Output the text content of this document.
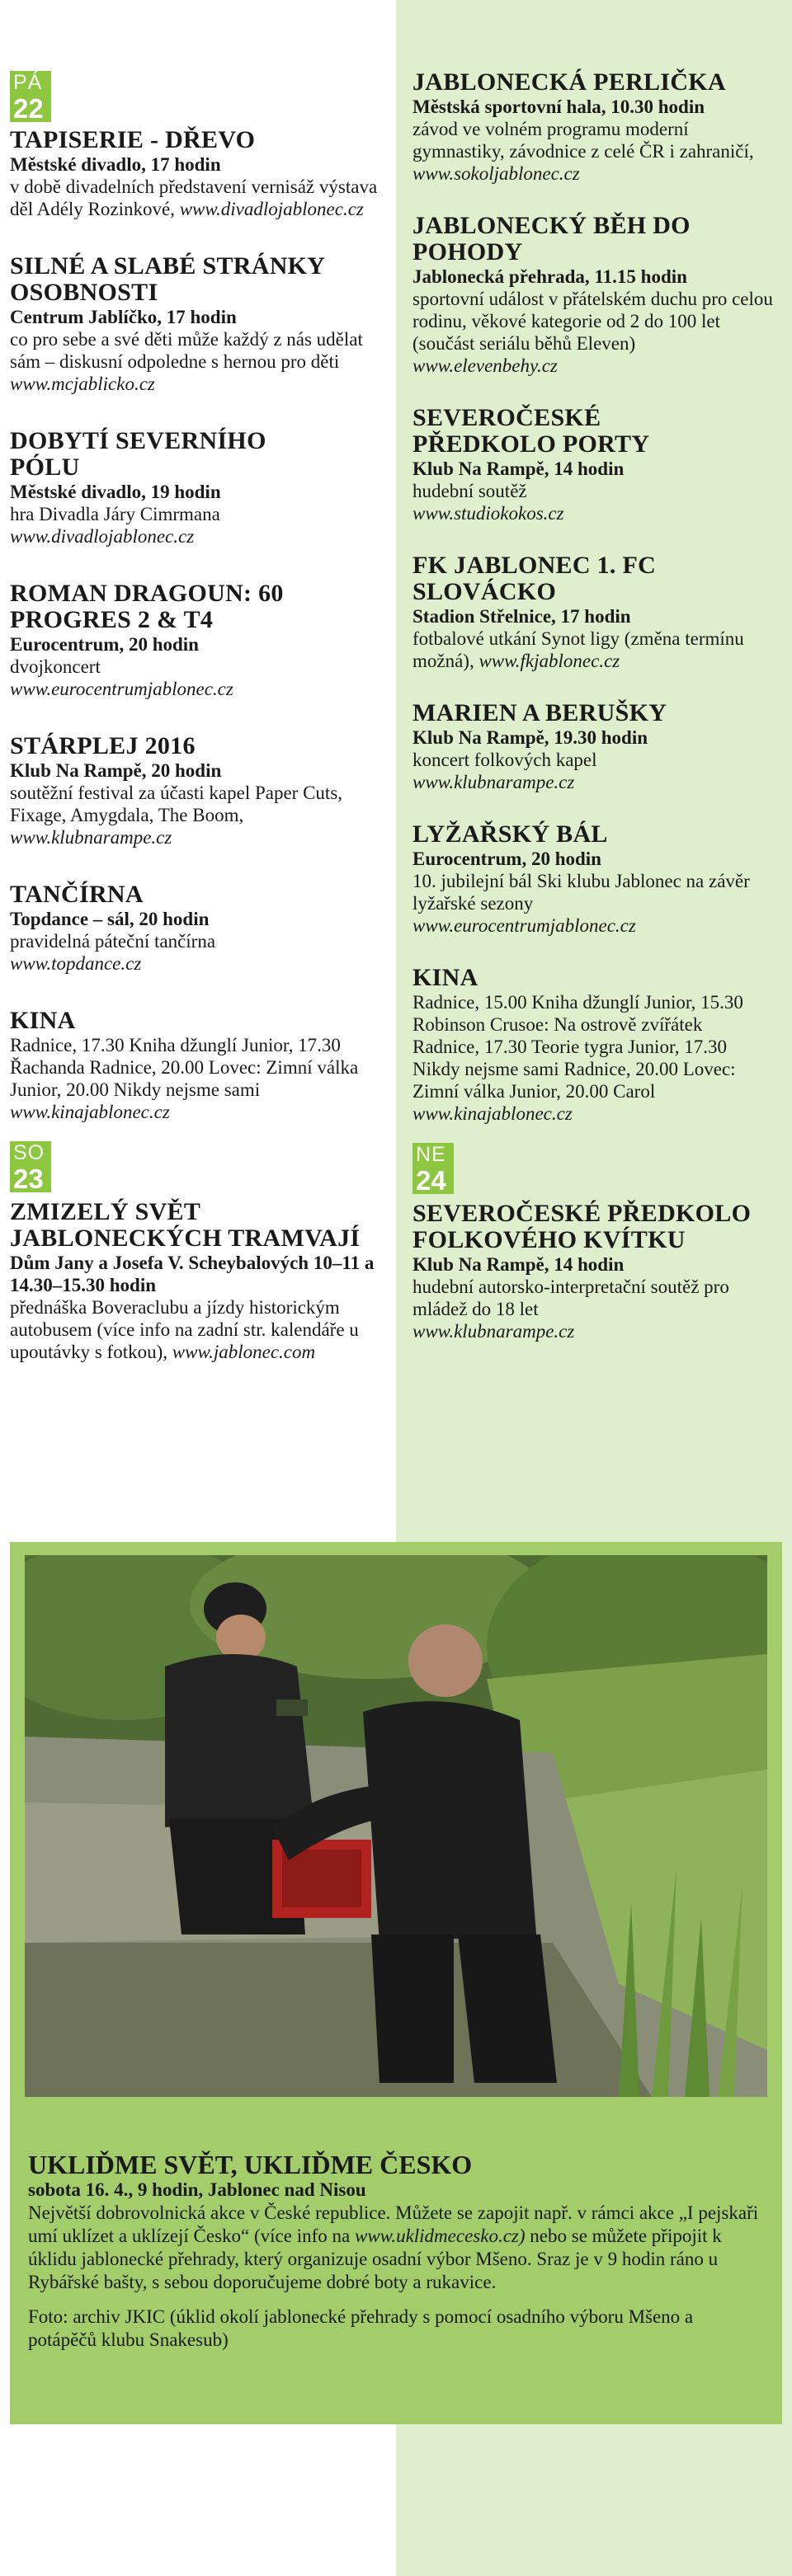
PÁ
22
TAPISERIE - DŘEVO
Městské divadlo, 17 hodin
v době divadelních představení vernisáž výstava děl Adély Rozinkové, www.divadlojablonec.cz
SILNÉ A SLABÉ STRÁNKY OSOBNOSTI
Centrum Jablíčko, 17 hodin
co pro sebe a své děti může každý z nás udělat sám – diskusní odpoledne s hernou pro děti
www.mcjablicko.cz
DOBYTÍ SEVERNÍHO PÓLU
Městské divadlo, 19 hodin
hra Divadla Járy Cimrmana
www.divadlojablonec.cz
ROMAN DRAGOUN: 60 PROGRES 2 & T4
Eurocentrum, 20 hodin
dvojkoncert
www.eurocentrumjablonec.cz
STÁRPLEJ 2016
Klub Na Rampě, 20 hodin
soutěžní festival za účasti kapel Paper Cuts, Fixage, Amygdala, The Boom, www.klubnarampe.cz
TANČÍRNA
Topdance – sál, 20 hodin
pravidelná páteční tančírna
www.topdance.cz
KINA
Radnice, 17.30 Kniha džunglí Junior, 17.30 Řachanda Radnice, 20.00 Lovec: Zimní válka Junior, 20.00 Nikdy nejsme sami
www.kinajablonec.cz
SO
23
ZMIZELÝ SVĚT JABLONECKÝCH TRAMVAJÍ
Dům Jany a Josefa V. Scheybalových 10–11 a 14.30–15.30 hodin
přednáška Boveraclubu a jízdy historickým autobusem (více info na zadní str. kalendáře u upoutávky s fotkou), www.jablonec.com
JABLONECKÁ PERLIČKA
Městská sportovní hala, 10.30 hodin
závod ve volném programu moderní gymnastiky, závodnice z celé ČR i zahraničí, www.sokoljablonec.cz
JABLONECKÝ BĚH DO POHODY
Jablonecká přehrada, 11.15 hodin
sportovní událost v přátelském duchu pro celou rodinu, věkové kategorie od 2 do 100 let (součást seriálu běhů Eleven)
www.elevenbehy.cz
SEVEROČESKÉ PŘEDKOLO PORTY
Klub Na Rampě, 14 hodin
hudební soutěž
www.studiokokos.cz
FK JABLONEC 1. FC SLOVÁCKO
Stadion Střelnice, 17 hodin
fotbalové utkání Synot ligy (změna termínu možná), www.fkjablonec.cz
MARIEN A BERUŠKY
Klub Na Rampě, 19.30 hodin
koncert folkových kapel
www.klubnarampe.cz
LYŽAŘSKÝ BÁL
Eurocentrum, 20 hodin
10. jubilejní bál Ski klubu Jablonec na závěr lyžařské sezony
www.eurocentrumjablonec.cz
KINA
Radnice, 15.00 Kniha džunglí Junior, 15.30 Robinson Crusoe: Na ostrově zvířátek Radnice, 17.30 Teorie tygra Junior, 17.30 Nikdy nejsme sami Radnice, 20.00 Lovec: Zimní válka Junior, 20.00 Carol
www.kinajablonec.cz
NE
24
SEVEROČESKÉ PŘEDKOLO FOLKOVÉHO KVÍTKU
Klub Na Rampě, 14 hodin
hudební autorsko-interpretační soutěž pro mládež do 18 let
www.klubnarampe.cz
UKLIĎME SVĚT, UKLIĎME ČESKO
sobota 16. 4., 9 hodin, Jablonec nad Nisou
Největší dobrovolnická akce v České republice. Můžete se zapojit např. v rámci akce „I pejskaři umí uklízet a uklízejí Česko“ (více info na www.uklidmecesko.cz) nebo se můžete připojit k úklidu jablonecké přehrady, který organizuje osadní výbor Mšeno. Sraz je v 9 hodin ráno u Rybářské bašty, s sebou doporučujeme dobré boty a rukavice.
Foto: archiv JKIC (úklid okolí jablonecké přehrady s pomocí osadního výboru Mšeno a potápěčů klubu Snakesub)
